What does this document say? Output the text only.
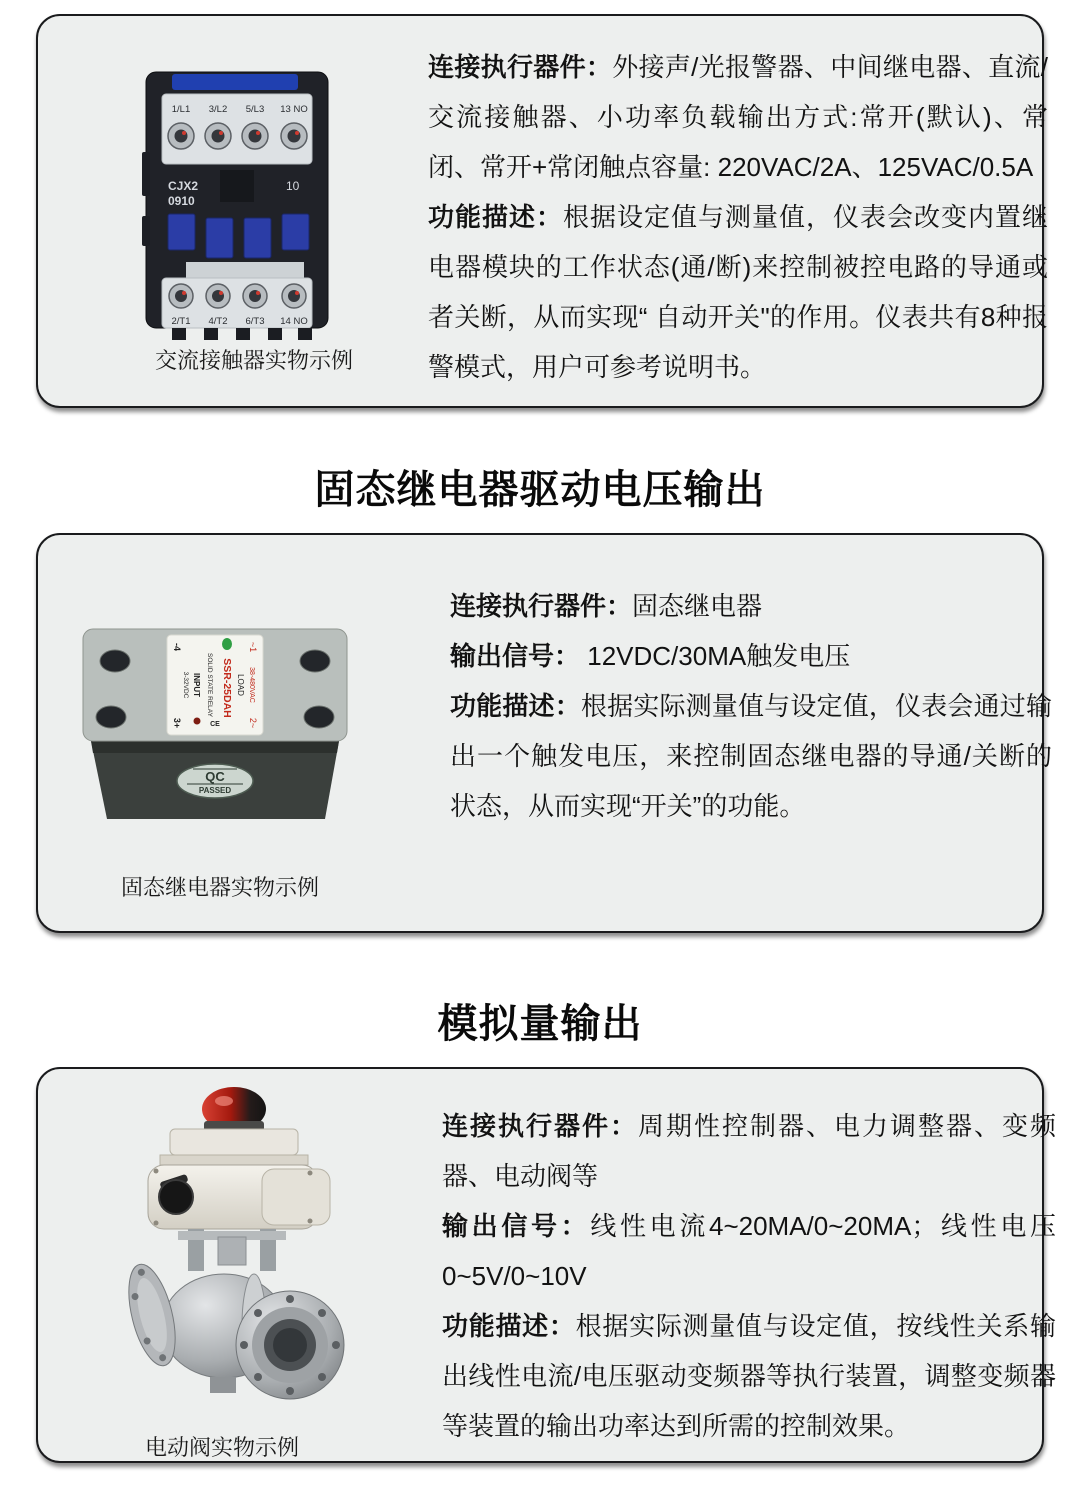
1/L1 3/L2 5/L3 13 NO
CJX2
0910
10
2/T1 4/T2 6/T3 14 NO
交流接触器实物示例

连接执行器件：外接声/光报警器、中间继电器、直流/交流接触器、小功率负载输出方式:常开(默认)、常闭、常开+常闭触点容量: 220VAC/2A、125VAC/0.5A

功能描述：根据设定值与测量值，仪表会改变内置继电器模块的工作状态(通/断)来控制被控电路的导通或者关断，从而实现“ 自动开关"的作用。仪表共有8种报警模式，用户可参考说明书。

固态继电器驱动电压输出
-4
3+
3-32VDC INPUT SOLID STATE RELAY SSR-25DAH LOAD
~1
38-480VAC
2~
CE
QC
PASSED
固态继电器实物示例

连接执行器件：固态继电器

输出信号： 12VDC/30MA触发电压

功能描述：根据实际测量值与设定值，仪表会通过输出一个触发电压，来控制固态继电器的导通/关断的状态，从而实现“开关”的功能。

模拟量输出
电动阀实物示例

连接执行器件：周期性控制器、电力调整器、变频器、电动阀等

输出信号：线性电流4~20MA/0~20MA；线性电压0~5V/0~10V

功能描述：根据实际测量值与设定值，按线性关系输出线性电流/电压驱动变频器等执行装置，调整变频器等装置的输出功率达到所需的控制效果。
